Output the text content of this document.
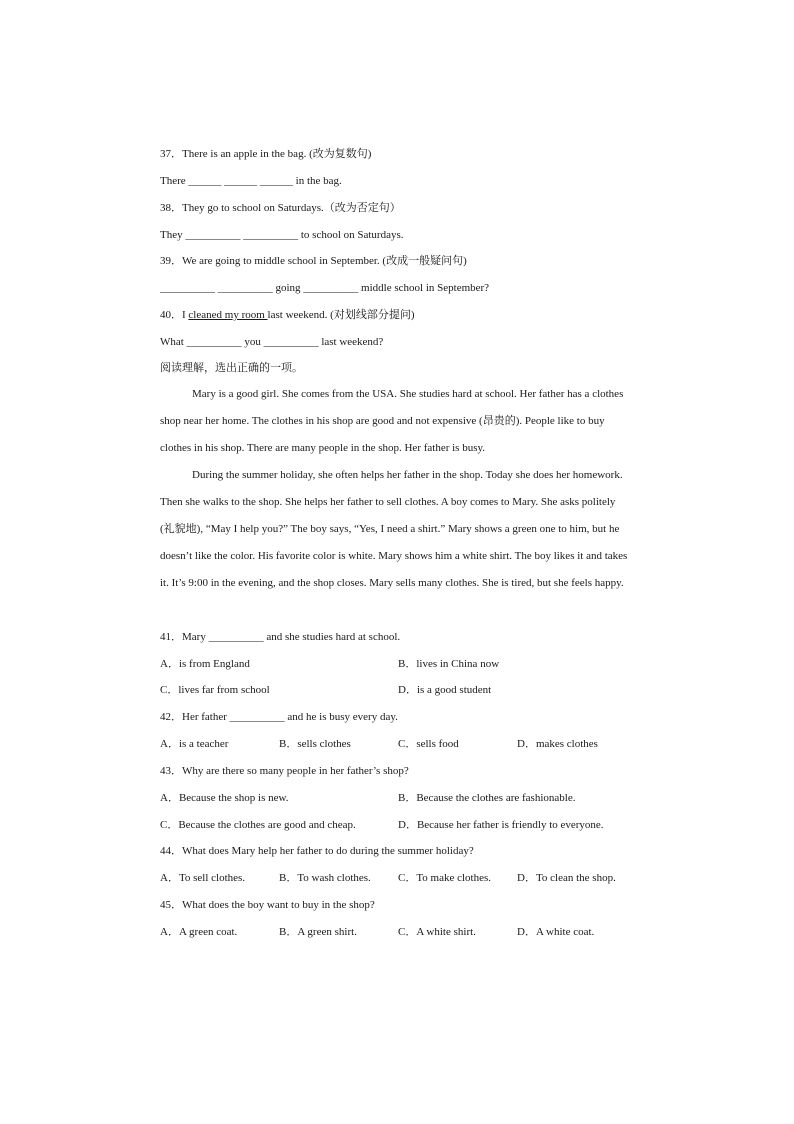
37．There is an apple in the bag. (改为复数句)
There ______ ______ ______ in the bag.
38．They go to school on Saturdays.（改为否定句）
They __________ __________ to school on Saturdays.
39．We are going to middle school in September. (改成一般疑问句)
__________ __________ going __________ middle school in September?
40．I cleaned my room last weekend. (对划线部分提问)
What __________ you __________ last weekend?
阅读理解，选出正确的一项。
Mary is a good girl. She comes from the USA. She studies hard at school. Her father has a clothes shop near her home. The clothes in his shop are good and not expensive (昂贵的). People like to buy clothes in his shop. There are many people in the shop. Her father is busy.
During the summer holiday, she often helps her father in the shop. Today she does her homework. Then she walks to the shop. She helps her father to sell clothes. A boy comes to Mary. She asks politely (礼貌地), “May I help you?” The boy says, “Yes, I need a shirt.” Mary shows a green one to him, but he doesn’t like the color. His favorite color is white. Mary shows him a white shirt. The boy likes it and takes it. It’s 9:00 in the evening, and the shop closes. Mary sells many clothes. She is tired, but she feels happy.
41．Mary __________ and she studies hard at school.
A．is from England	B．lives in China now
C．lives far from school	D．is a good student
42．Her father __________ and he is busy every day.
A．is a teacher	B．sells clothes	C．sells food	D．makes clothes
43．Why are there so many people in her father’s shop?
A．Because the shop is new.	B．Because the clothes are fashionable.
C．Because the clothes are good and cheap.	D．Because her father is friendly to everyone.
44．What does Mary help her father to do during the summer holiday?
A．To sell clothes.	B．To wash clothes. C．To make clothes. D．To clean the shop.
45．What does the boy want to buy in the shop?
A．A green coat.	B．A green shirt.	C．A white shirt.	D．A white coat.
